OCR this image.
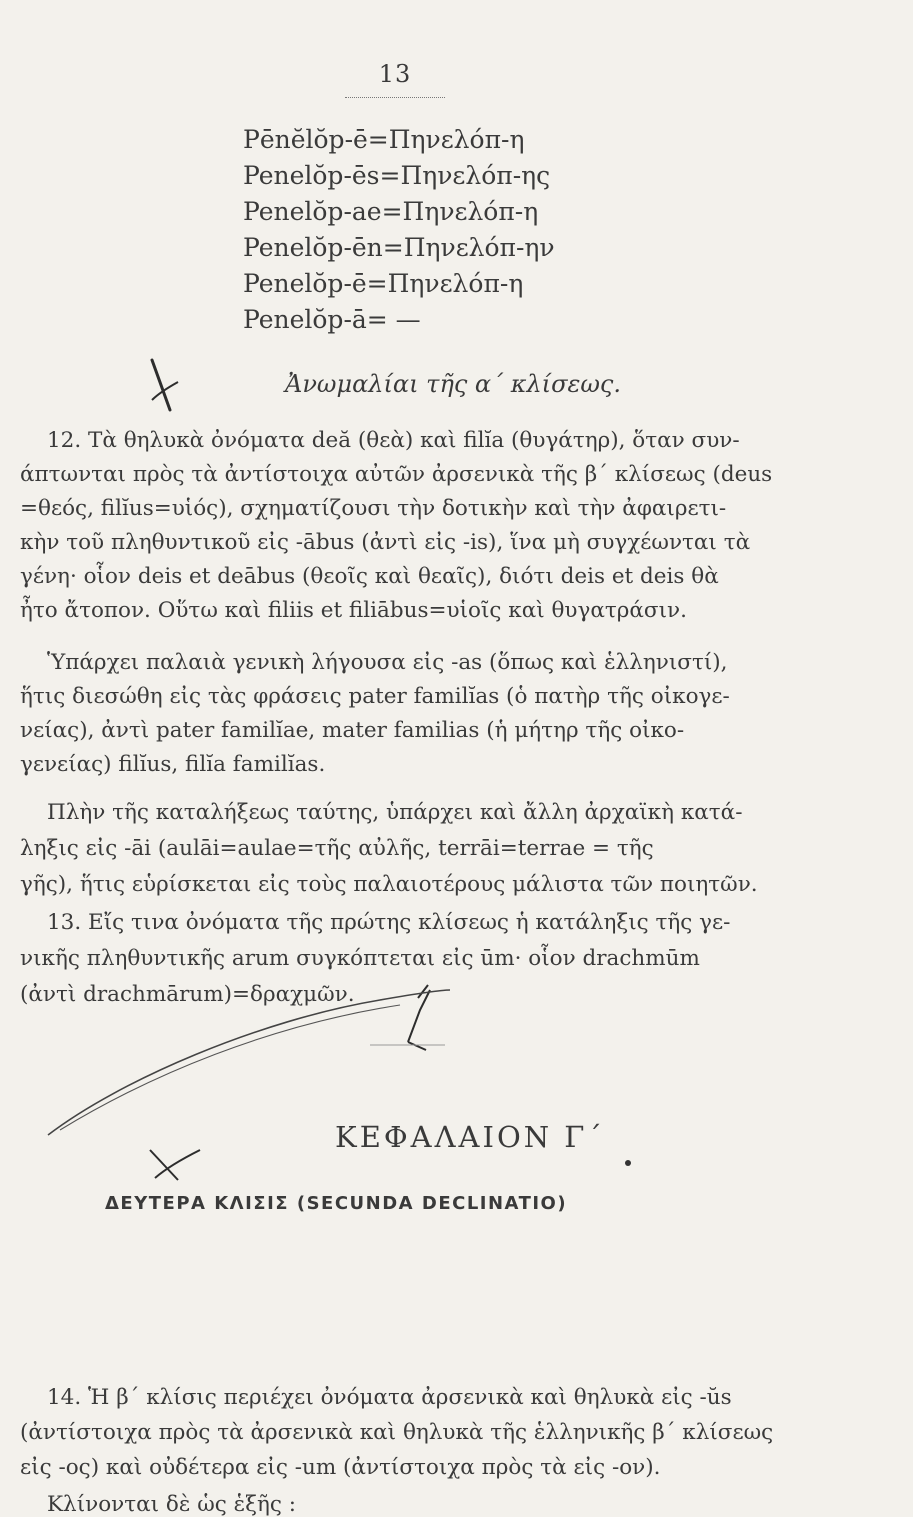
13
Pēnĕlŏp-ē=Πηνελόπ-η
Penelŏp-ēs=Πηνελόπ-ης
Penelŏp-ae=Πηνελόπ-η
Penelŏp-ēn=Πηνελόπ-ην
Penelŏp-ē=Πηνελόπ-η
Penelŏp-ā= —
Ἀνωμαλίαι τῆς α΄ κλίσεως.
12. Τὰ θηλυκὰ ὀνόματα deă (θεὰ) καὶ filĭa (θυγάτηρ), ὅταν συν-
άπτωνται πρὸς τὰ ἀντίστοιχα αὐτῶν ἀρσενικὰ τῆς β΄ κλίσεως (deus
=θεός, filĭus=υἱός), σχηματίζουσι τὴν δοτικὴν καὶ τὴν ἀφαιρετι-
κὴν τοῦ πληθυντικοῦ εἰς -ābus (ἀντὶ εἰς -is), ἵνα μὴ συγχέωνται τὰ
γένη· οἷον deis et deābus (θεοῖς καὶ θεαῖς), διότι deis et deis θὰ
ἦτο ἄτοπον. Οὕτω καὶ filiis et filiābus=υἱοῖς καὶ θυγατράσιν.
Ὑπάρχει παλαιὰ γενικὴ λήγουσα εἰς -as (ὅπως καὶ ἑλληνιστί),
ἥτις διεσώθη εἰς τὰς φράσεις pater familĭas (ὁ πατὴρ τῆς οἰκογε-
νείας), ἀντὶ pater familĭae, mater familias (ἡ μήτηρ τῆς οἰκο-
γενείας) filĭus, filĭa familĭas.
Πλὴν τῆς καταλήξεως ταύτης, ὑπάρχει καὶ ἄλλη ἀρχαϊκὴ κατά-
ληξις εἰς -āi (aulāi=aulae=τῆς αὐλῆς, terrāi=terrae = τῆς
γῆς), ἥτις εὑρίσκεται εἰς τοὺς παλαιοτέρους μάλιστα τῶν ποιητῶν.
13. Εἴς τινα ὀνόματα τῆς πρώτης κλίσεως ἡ κατάληξις τῆς γε-
νικῆς πληθυντικῆς arum συγκόπτεται εἰς ūm· οἷον drachmūm
(ἀντὶ drachmārum)=δραχμῶν.
ΚΕΦΑΛΑΙΟΝ Γ΄
ΔΕΥΤΕΡΑ ΚΛΙΣΙΣ (SECUNDA DECLINATIO)
14. Ἡ β΄ κλίσις περιέχει ὀνόματα ἀρσενικὰ καὶ θηλυκὰ εἰς -ŭs
(ἀντίστοιχα πρὸς τὰ ἀρσενικὰ καὶ θηλυκὰ τῆς ἑλληνικῆς β΄ κλίσεως
εἰς -ος) καὶ οὐδέτερα εἰς -um (ἀντίστοιχα πρὸς τὰ εἰς -ον).
Κλίνονται δὲ ὡς ἑξῆς :
